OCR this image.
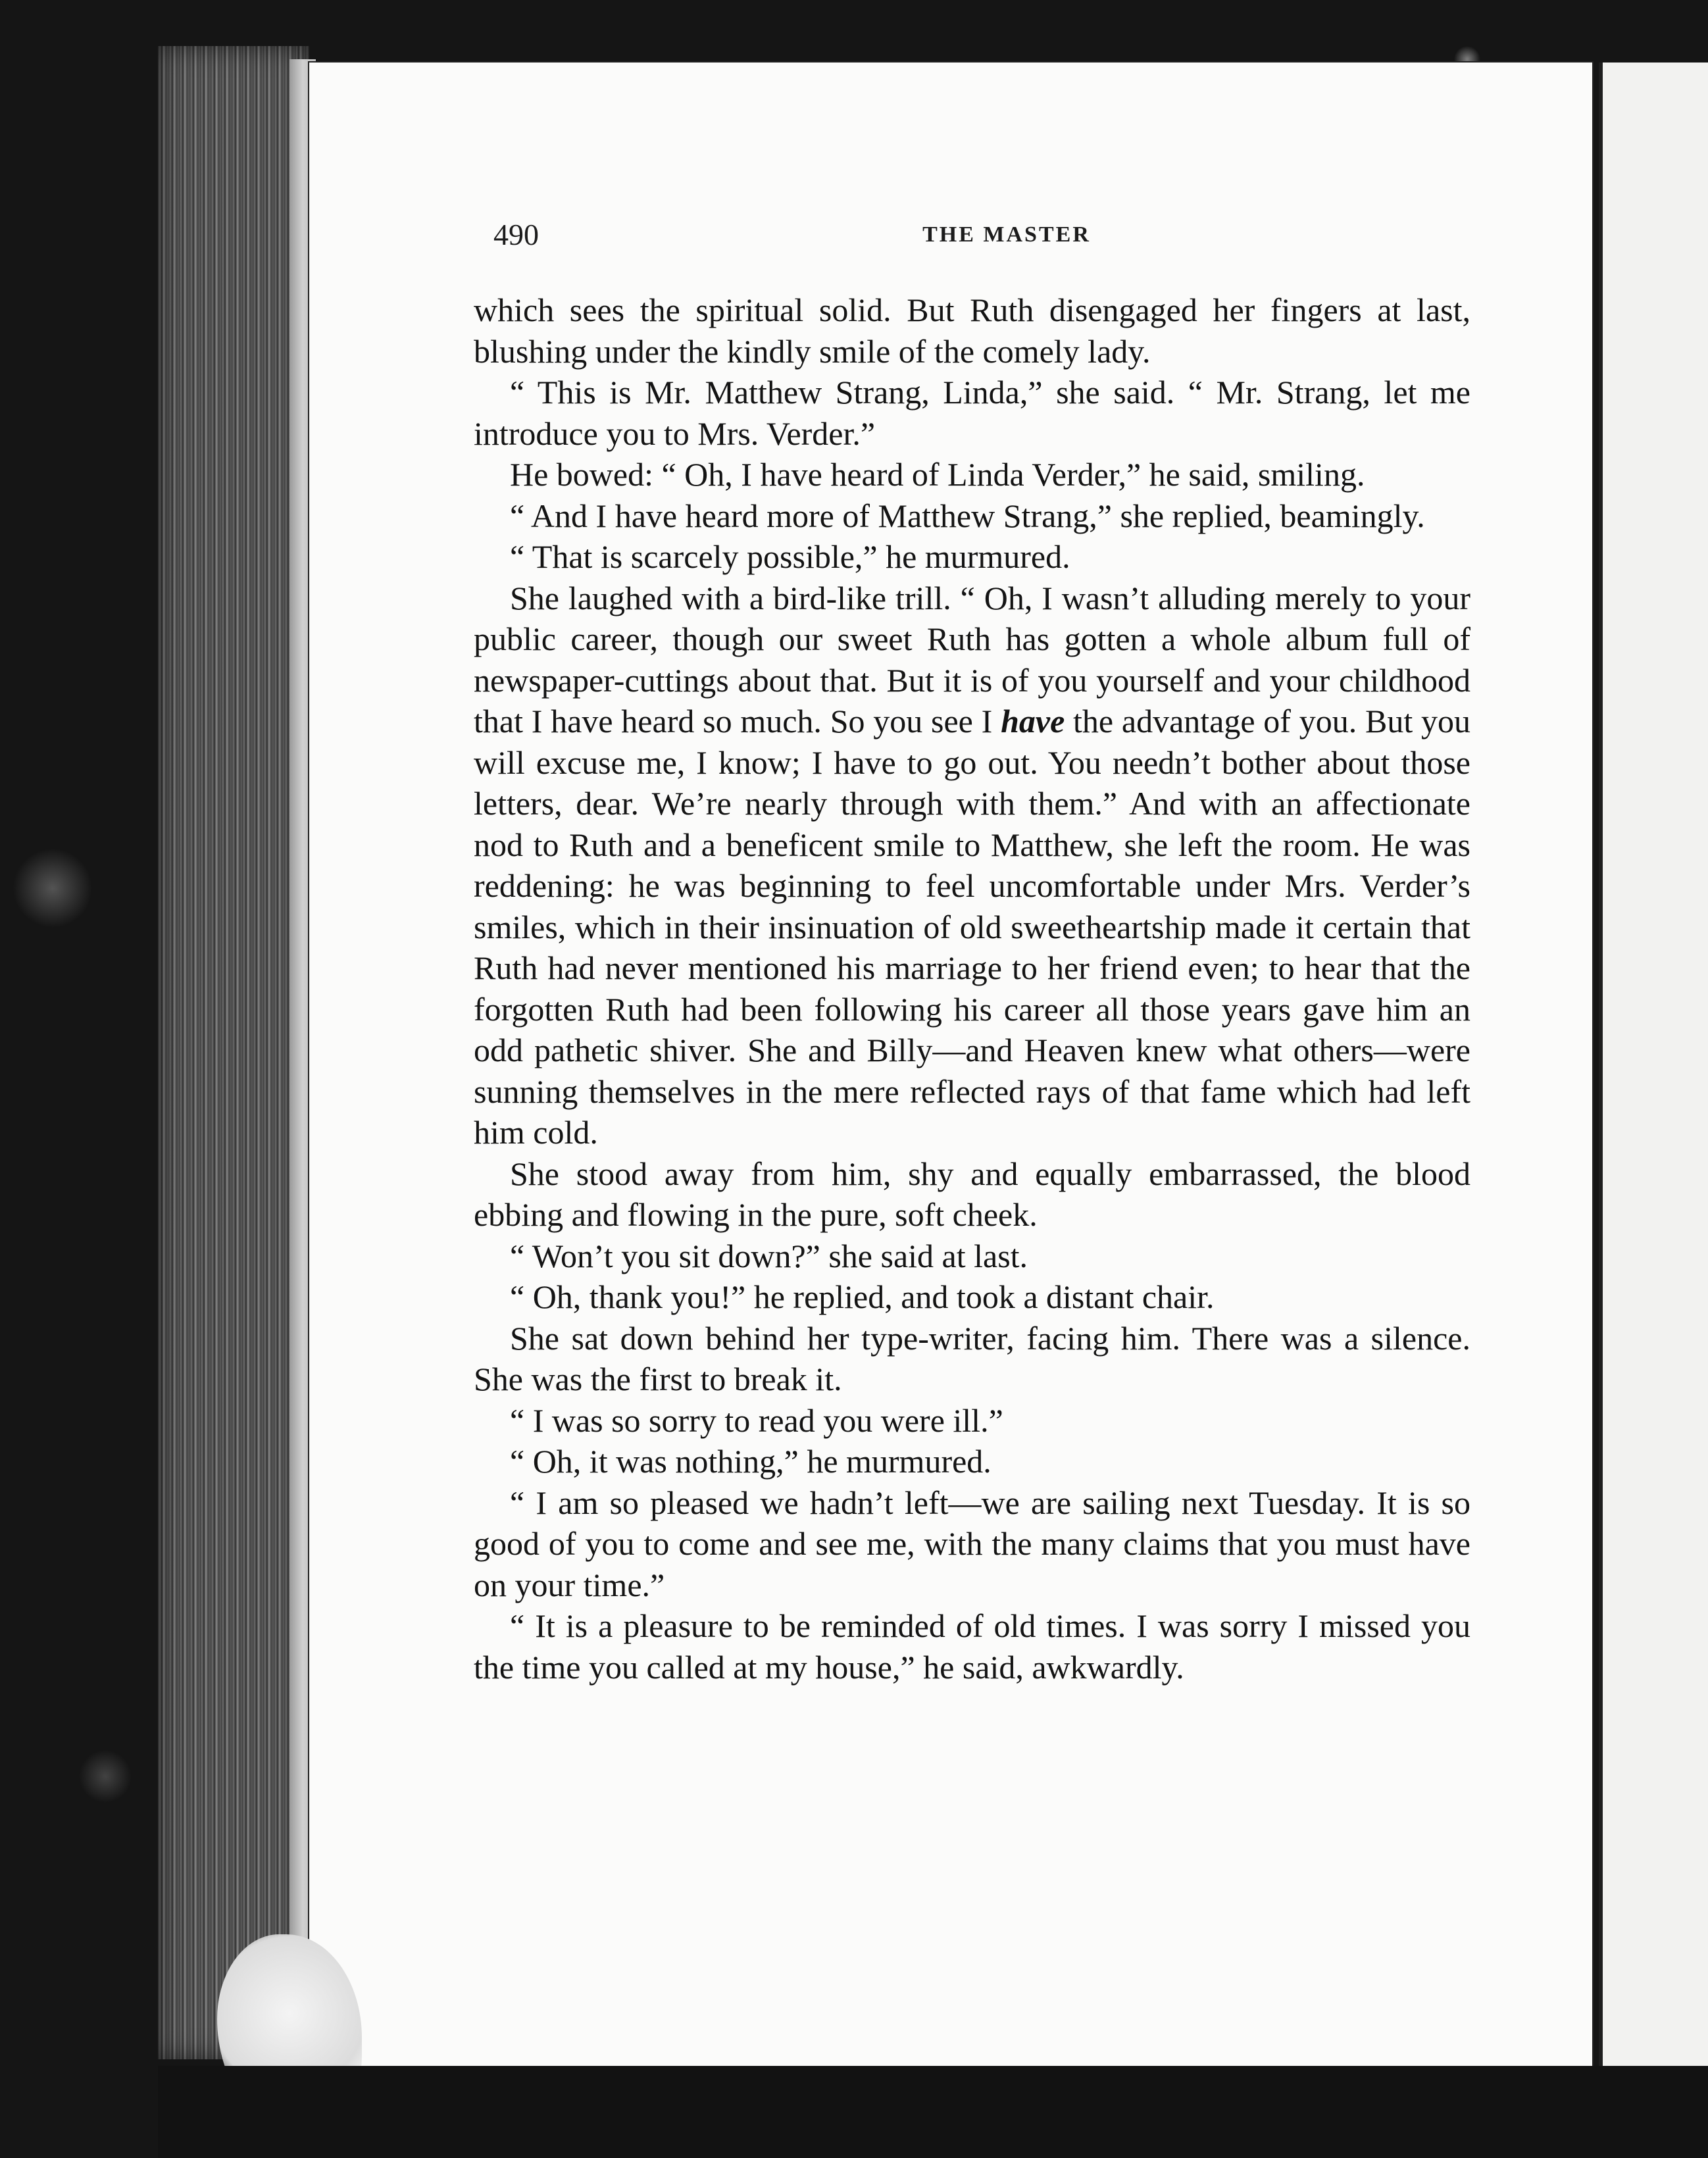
490	THE MASTER

which sees the spiritual solid. But Ruth disengaged her fingers at last, blushing under the kindly smile of the comely lady.

“ This is Mr. Matthew Strang, Linda,” she said. “ Mr. Strang, let me introduce you to Mrs. Verder.”

He bowed: “ Oh, I have heard of Linda Verder,” he said, smiling.

“ And I have heard more of Matthew Strang,” she replied, beamingly.

“ That is scarcely possible,” he murmured.

She laughed with a bird-like trill. “ Oh, I wasn’t alluding merely to your public career, though our sweet Ruth has gotten a whole album full of newspaper-cuttings about that. But it is of you yourself and your childhood that I have heard so much. So you see I have the advantage of you. But you will excuse me, I know; I have to go out. You needn’t bother about those letters, dear. We’re nearly through with them.” And with an affectionate nod to Ruth and a beneficent smile to Matthew, she left the room. He was reddening: he was beginning to feel uncomfortable under Mrs. Verder’s smiles, which in their insinuation of old sweetheartship made it certain that Ruth had never mentioned his marriage to her friend even; to hear that the forgotten Ruth had been following his career all those years gave him an odd pathetic shiver. She and Billy—and Heaven knew what others—were sunning themselves in the mere reflected rays of that fame which had left him cold.

She stood away from him, shy and equally embarrassed, the blood ebbing and flowing in the pure, soft cheek.

“ Won’t you sit down?” she said at last.

“ Oh, thank you!” he replied, and took a distant chair.

She sat down behind her type-writer, facing him. There was a silence. She was the first to break it.

“ I was so sorry to read you were ill.”

“ Oh, it was nothing,” he murmured.

“ I am so pleased we hadn’t left—we are sailing next Tuesday. It is so good of you to come and see me, with the many claims that you must have on your time.”

“ It is a pleasure to be reminded of old times. I was sorry I missed you the time you called at my house,” he said, awkwardly.
